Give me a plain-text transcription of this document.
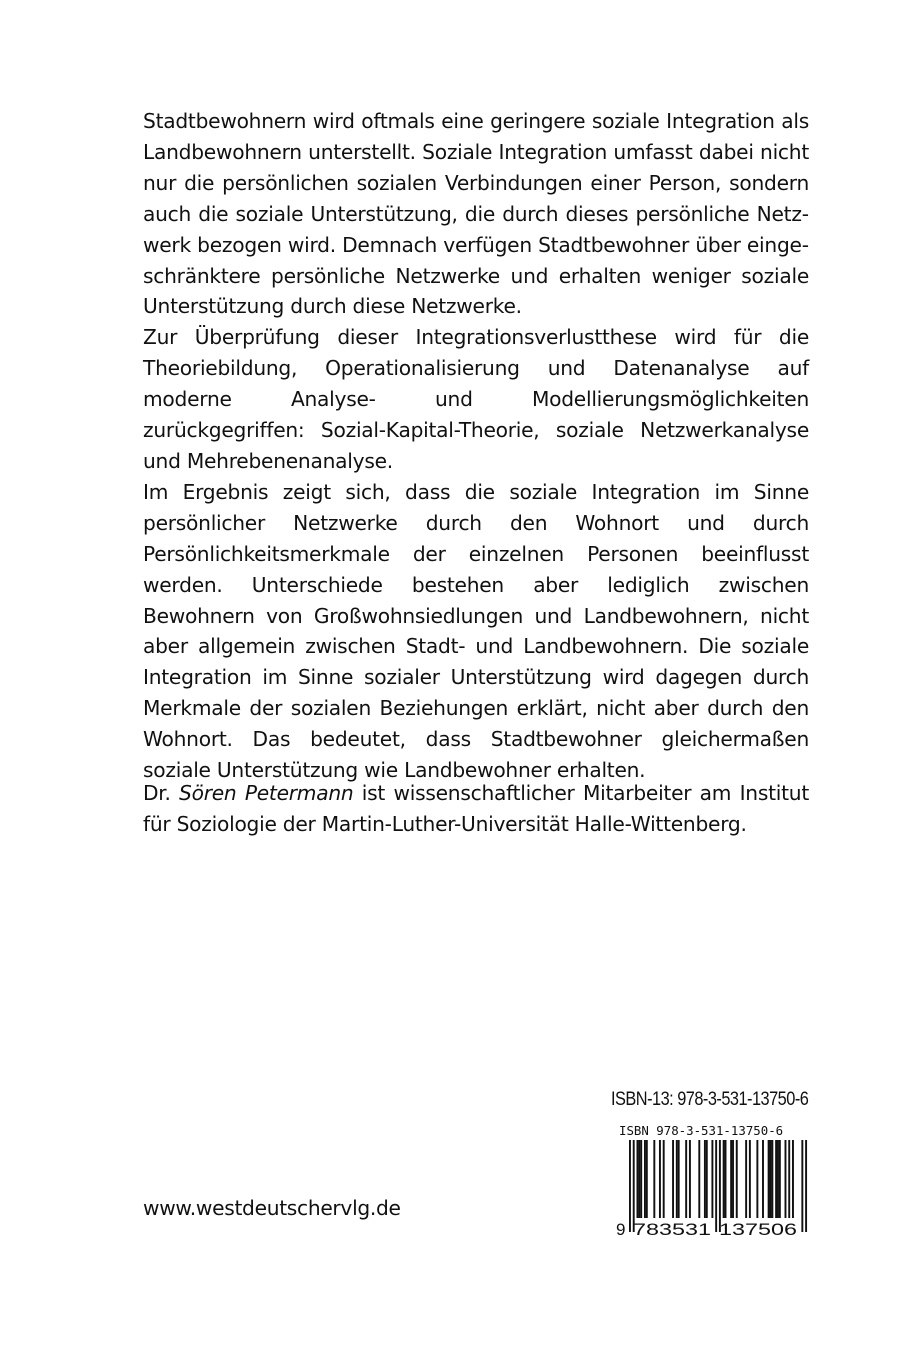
Stadtbewohnern wird oftmals eine geringere soziale Integration als Landbewohnern unterstellt. Soziale Integration umfasst dabei nicht nur die persönlichen sozialen Verbindungen einer Person, sondern auch die soziale Unterstützung, die durch dieses persönliche Netzwerk bezogen wird. Demnach verfügen Stadtbewohner über eingeschränktere persönliche Netzwerke und erhalten weniger soziale Unterstützung durch diese Netzwerke.

Zur Überprüfung dieser Integrationsverlustthese wird für die Theoriebildung, Operationalisierung und Datenanalyse auf moderne Analyse- und Modellierungsmöglichkeiten zurückgegriffen: Sozial-Kapital-Theorie, soziale Netzwerkanalyse und Mehrebenenanalyse.

Im Ergebnis zeigt sich, dass die soziale Integration im Sinne persönlicher Netzwerke durch den Wohnort und durch Persönlichkeitsmerkmale der einzelnen Personen beeinflusst werden. Unterschiede bestehen aber lediglich zwischen Bewohnern von Großwohnsiedlungen und Landbewohnern, nicht aber allgemein zwischen Stadt- und Landbewohnern. Die soziale Integration im Sinne sozialer Unterstützung wird dagegen durch Merkmale der sozialen Beziehungen erklärt, nicht aber durch den Wohnort. Das bedeutet, dass Stadtbewohner gleichermaßen soziale Unterstützung wie Landbewohner erhalten.

Dr. Sören Petermann ist wissenschaftlicher Mitarbeiter am Institut für Soziologie der Martin-Luther-Universität Halle-Wittenberg.

ISBN-13: 978-3-531-13750-6
ISBN 978-3-531-13750-6
9 783531 137506
www.westdeutschervlg.de
